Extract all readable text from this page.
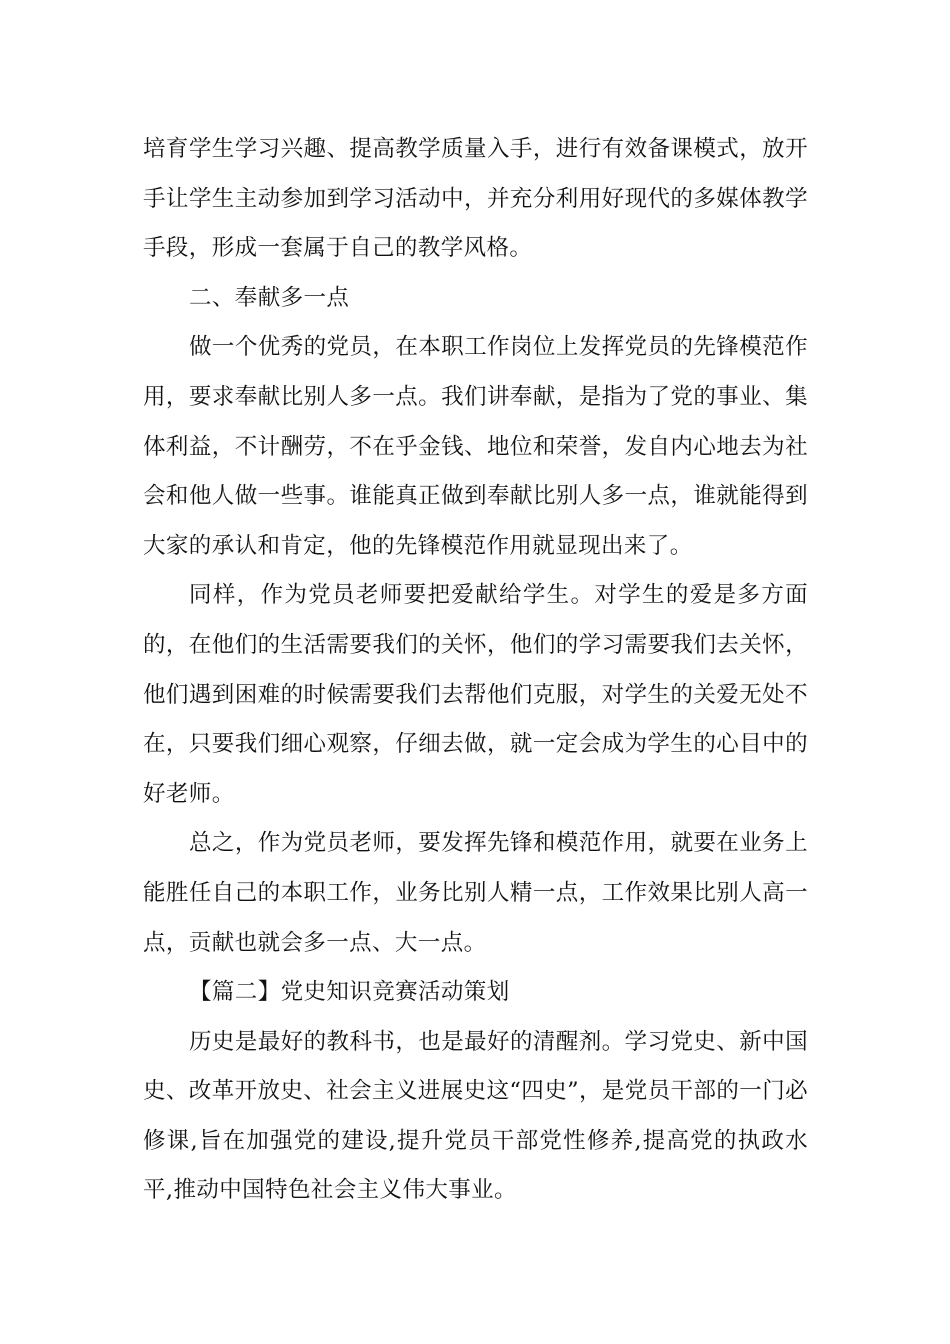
培育学生学习兴趣、提高教学质量入手，进行有效备课模式，放开手让学生主动参加到学习活动中，并充分利用好现代的多媒体教学手段，形成一套属于自己的教学风格。

二、奉献多一点

做一个优秀的党员，在本职工作岗位上发挥党员的先锋模范作用，要求奉献比别人多一点。我们讲奉献，是指为了党的事业、集体利益，不计酬劳，不在乎金钱、地位和荣誉，发自内心地去为社会和他人做一些事。谁能真正做到奉献比别人多一点，谁就能得到大家的承认和肯定，他的先锋模范作用就显现出来了。

同样，作为党员老师要把爱献给学生。对学生的爱是多方面的，在他们的生活需要我们的关怀，他们的学习需要我们去关怀，他们遇到困难的时候需要我们去帮他们克服，对学生的关爱无处不在，只要我们细心观察，仔细去做，就一定会成为学生的心目中的好老师。

总之，作为党员老师，要发挥先锋和模范作用，就要在业务上能胜任自己的本职工作，业务比别人精一点，工作效果比别人高一点，贡献也就会多一点、大一点。

【篇二】党史知识竞赛活动策划

历史是最好的教科书，也是最好的清醒剂。学习党史、新中国史、改革开放史、社会主义进展史这“四史”，是党员干部的一门必修课,旨在加强党的建设,提升党员干部党性修养,提高党的执政水平,推动中国特色社会主义伟大事业。
